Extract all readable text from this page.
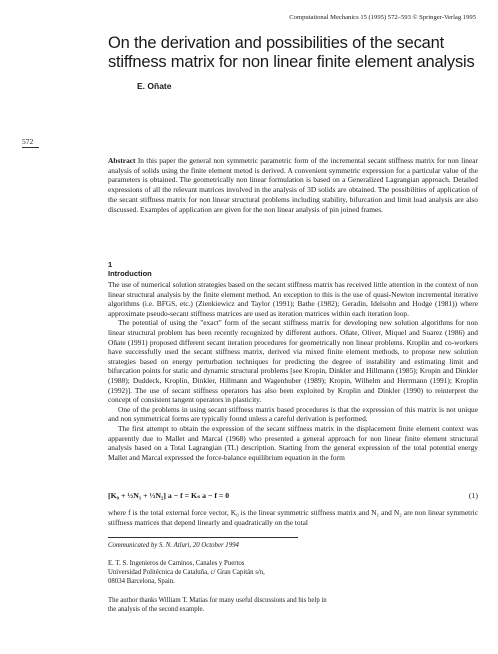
Computational Mechanics 15 (1995) 572–593 © Springer-Verlag 1995
On the derivation and possibilities of the secant stiffness matrix for non linear finite element analysis
E. Oñate
572

Abstract In this paper the general non symmetric parametric form of the incremental secant stiffness matrix for non linear analysis of solids using the finite element metod is derived. A convenient symmetric expression for a particular value of the parameters is obtained. The geometrically non linear formulation is based on a Generalized Lagrangian approach. Detailed expressions of all the relevant matrices involved in the analysis of 3D solids are obtained. The possibilities of application of the secant stiffness matrix for non linear structural problems including stability, bifurcation and limit load analysis are also discussed. Examples of application are given for the non linear analysis of pin joined frames.

1
Introduction

The use of numerical solution strategies based on the secant stiffness matrix has received little attention in the context of non linear structural analysis by the finite element method. An exception to this is the use of quasi-Newton incremental iterative algorithms (i.e. BFGS, etc.) (Zienkiewicz and Taylor (1991); Bathe (1982); Geradin, Idelsohn and Hodge (1981)) where approximate pseudo-secant stiffness matrices are used as iteration matrices within each iteration loop.

The potential of using the "exact" form of the secant stiffness matrix for developing new solution algorithms for non linear structural problem has been recently recognized by different authors. Oñate, Oliver, Miquel and Suarez (1986) and Oñate (1991) proposed different secant iteration procedures for geometrically non linear problems. Kroplin and co-workers have successfully used the secant stiffness matrix, derived via mixed finite element methods, to propose new solution strategies based on energy perturbation techniques for predicting the degree of instability and estimating limit and bifurcation points for static and dynamic structural problems [see Kropin, Dinkler and Hillmann (1985); Kropin and Dinkler (1988); Duddeck, Kroplin, Dinkler, Hillmann and Wagenhuber (1989); Kropin, Wilhelm and Herrmann (1991); Kroplin (1992)]. The use of secant stiffness operators has also been exploited by Kroplin and Dinkler (1990) to reinterpret the concept of consistent tangent operators in plasticity.

One of the problems in using secant stiffness matrix based procedures is that the expression of this matrix is not unique and non symmetrical forms are typically found unless a careful derivation is performed.

The first attempt to obtain the expression of the secant stiffness matrix in the displacement finite element context was apparently due to Mallet and Marcal (1968) who presented a general approach for non linear finite element structural analysis based on a Total Lagrangian (TL) description. Starting from the general expression of the total potential energy Mallet and Marcal expressed the force-balance equilibrium equation in the form

[K₀ + ½N₁ + ⅓N₂] a − f = Kₛ a − f = 0	(1)

where f is the total external force vector, K₀ is the linear symmetric stiffness matrix and N₁ and N₂ are non linear symmetric stiffness matrices that depend linearly and quadratically on the total

Communicated by S. N. Atluri, 20 October 1994
E. T. S. Ingenieros de Caminos, Canales y Puertos
Universidad Politécnica de Cataluña, c/ Gran Capitán s/n,
08034 Barcelona, Spain.

The author thanks William T. Matias for many useful discussions and his help in the analysis of the second example.
